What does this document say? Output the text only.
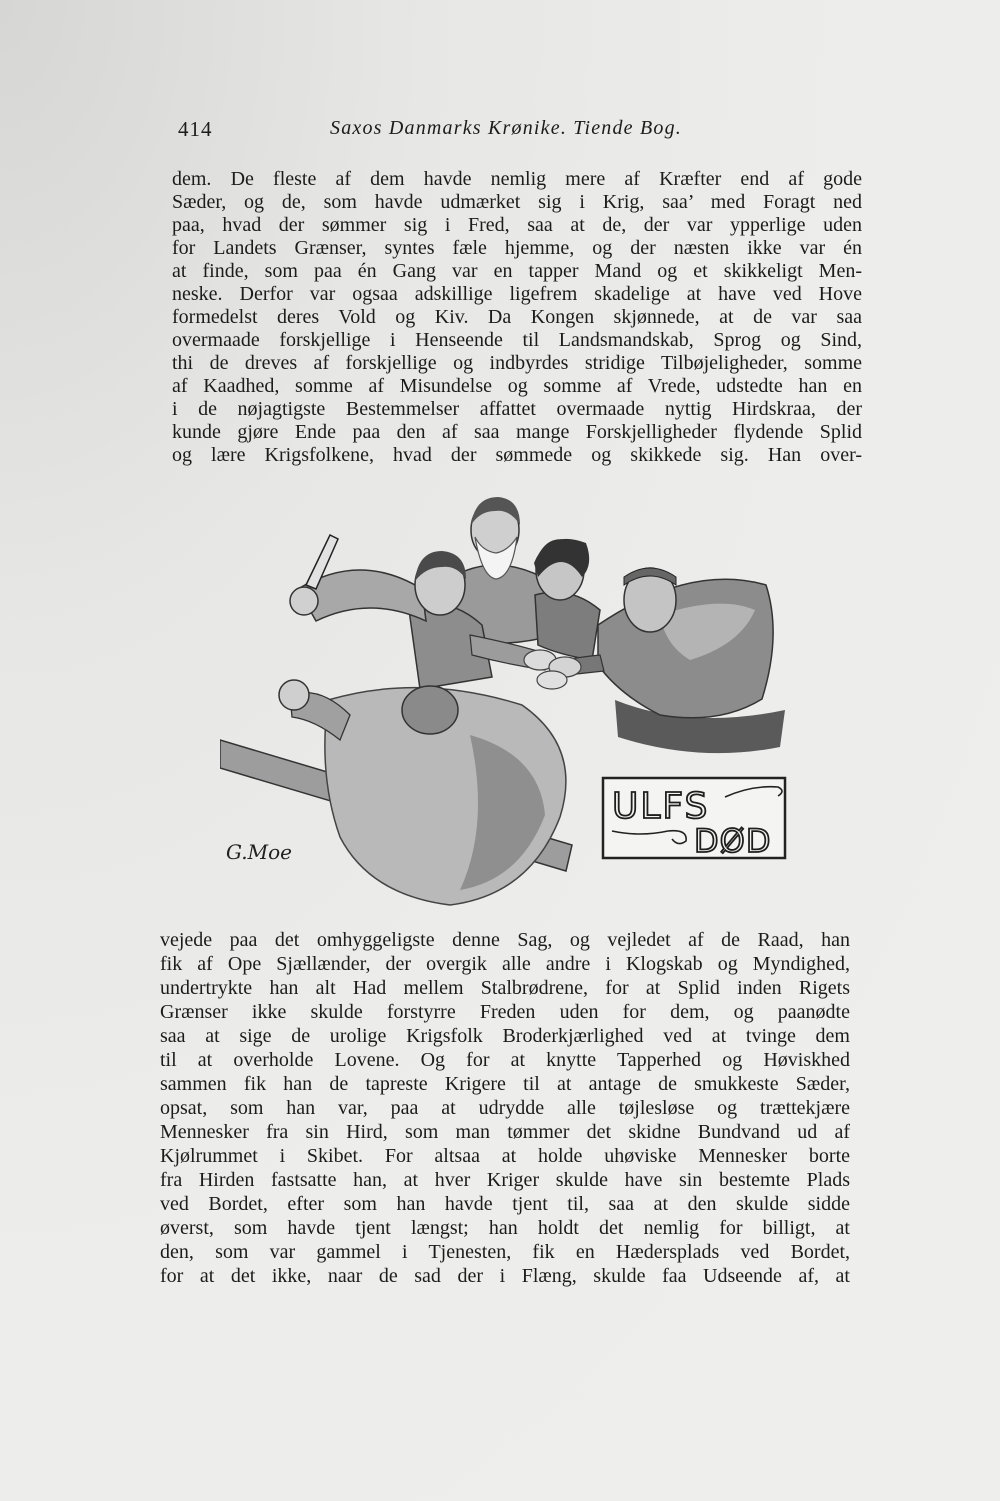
414	Saxos Danmarks Krønike. Tiende Bog.
dem. De fleste af dem havde nemlig mere af Kræfter end af gode
Sæder, og de, som havde udmærket sig i Krig, saa’ med Foragt ned
paa, hvad der sømmer sig i Fred, saa at de, der var ypperlige uden
for Landets Grænser, syntes fæle hjemme, og der næsten ikke var én
at finde, som paa én Gang var en tapper Mand og et skikkeligt Men-
neske. Derfor var ogsaa adskillige ligefrem skadelige at have ved Hove
formedelst deres Vold og Kiv. Da Kongen skjønnede, at de var saa
overmaade forskjellige i Henseende til Landsmandskab, Sprog og Sind,
thi de dreves af forskjellige og indbyrdes stridige Tilbøjeligheder, somme
af Kaadhed, somme af Misundelse og somme af Vrede, udstedte han en
i de nøjagtigste Bestemmelser affattet overmaade nyttig Hirdskraa, der
kunde gjøre Ende paa den af saa mange Forskjelligheder flydende Splid
og lære Krigsfolkene, hvad der sømmede og skikkede sig. Han over-
ULFS
DØD
G.Moe
vejede paa det omhyggeligste denne Sag, og vejledet af de Raad, han
fik af Ope Sjællænder, der overgik alle andre i Klogskab og Myndighed,
undertrykte han alt Had mellem Stalbrødrene, for at Splid inden Rigets
Grænser ikke skulde forstyrre Freden uden for dem, og paanødte
saa at sige de urolige Krigsfolk Broderkjærlighed ved at tvinge dem
til at overholde Lovene. Og for at knytte Tapperhed og Høviskhed
sammen fik han de tapreste Krigere til at antage de smukkeste Sæder,
opsat, som han var, paa at udrydde alle tøjlesløse og trættekjære
Mennesker fra sin Hird, som man tømmer det skidne Bundvand ud af
Kjølrummet i Skibet. For altsaa at holde uhøviske Mennesker borte
fra Hirden fastsatte han, at hver Kriger skulde have sin bestemte Plads
ved Bordet, efter som han havde tjent til, saa at den skulde sidde
øverst, som havde tjent længst; han holdt det nemlig for billigt, at
den, som var gammel i Tjenesten, fik en Hædersplads ved Bordet,
for at det ikke, naar de sad der i Flæng, skulde faa Udseende af, at
